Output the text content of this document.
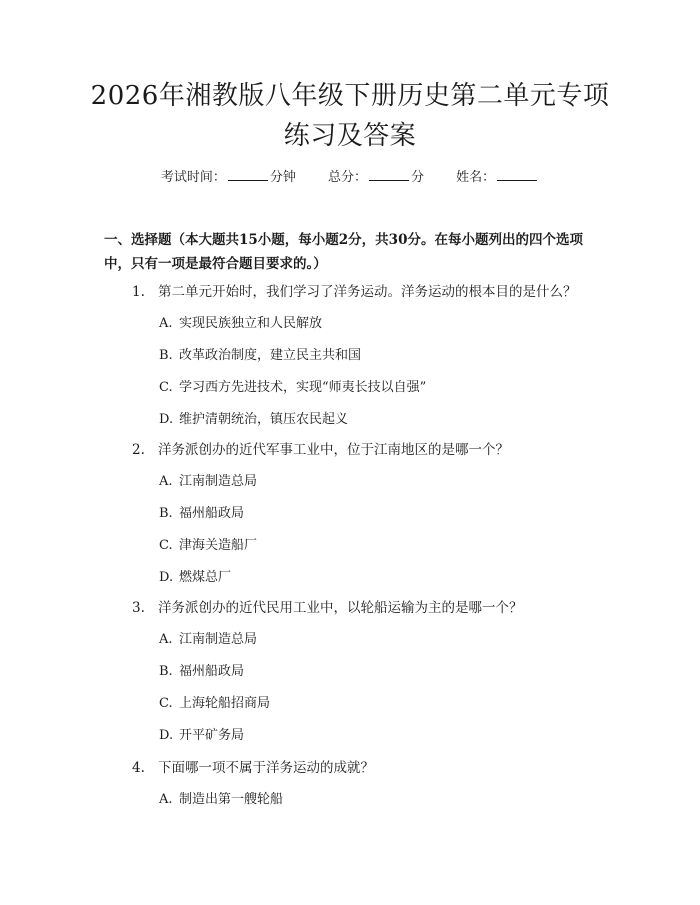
2026年湘教版八年级下册历史第二单元专项
练习及答案
考试时间：	分钟 总分：	分 姓名：
一、选择题（本大题共15小题，每小题2分，共30分。在每小题列出的四个选项中，只有一项是最符合题目要求的。）
1. 第二单元开始时，我们学习了洋务运动。洋务运动的根本目的是什么？
A. 实现民族独立和人民解放
B. 改革政治制度，建立民主共和国
C. 学习西方先进技术，实现“师夷长技以自强”
D. 维护清朝统治，镇压农民起义
2. 洋务派创办的近代军事工业中，位于江南地区的是哪一个？
A. 江南制造总局
B. 福州船政局
C. 津海关造船厂
D. 燃煤总厂
3. 洋务派创办的近代民用工业中，以轮船运输为主的是哪一个？
A. 江南制造总局
B. 福州船政局
C. 上海轮船招商局
D. 开平矿务局
4. 下面哪一项不属于洋务运动的成就？
A. 制造出第一艘轮船
